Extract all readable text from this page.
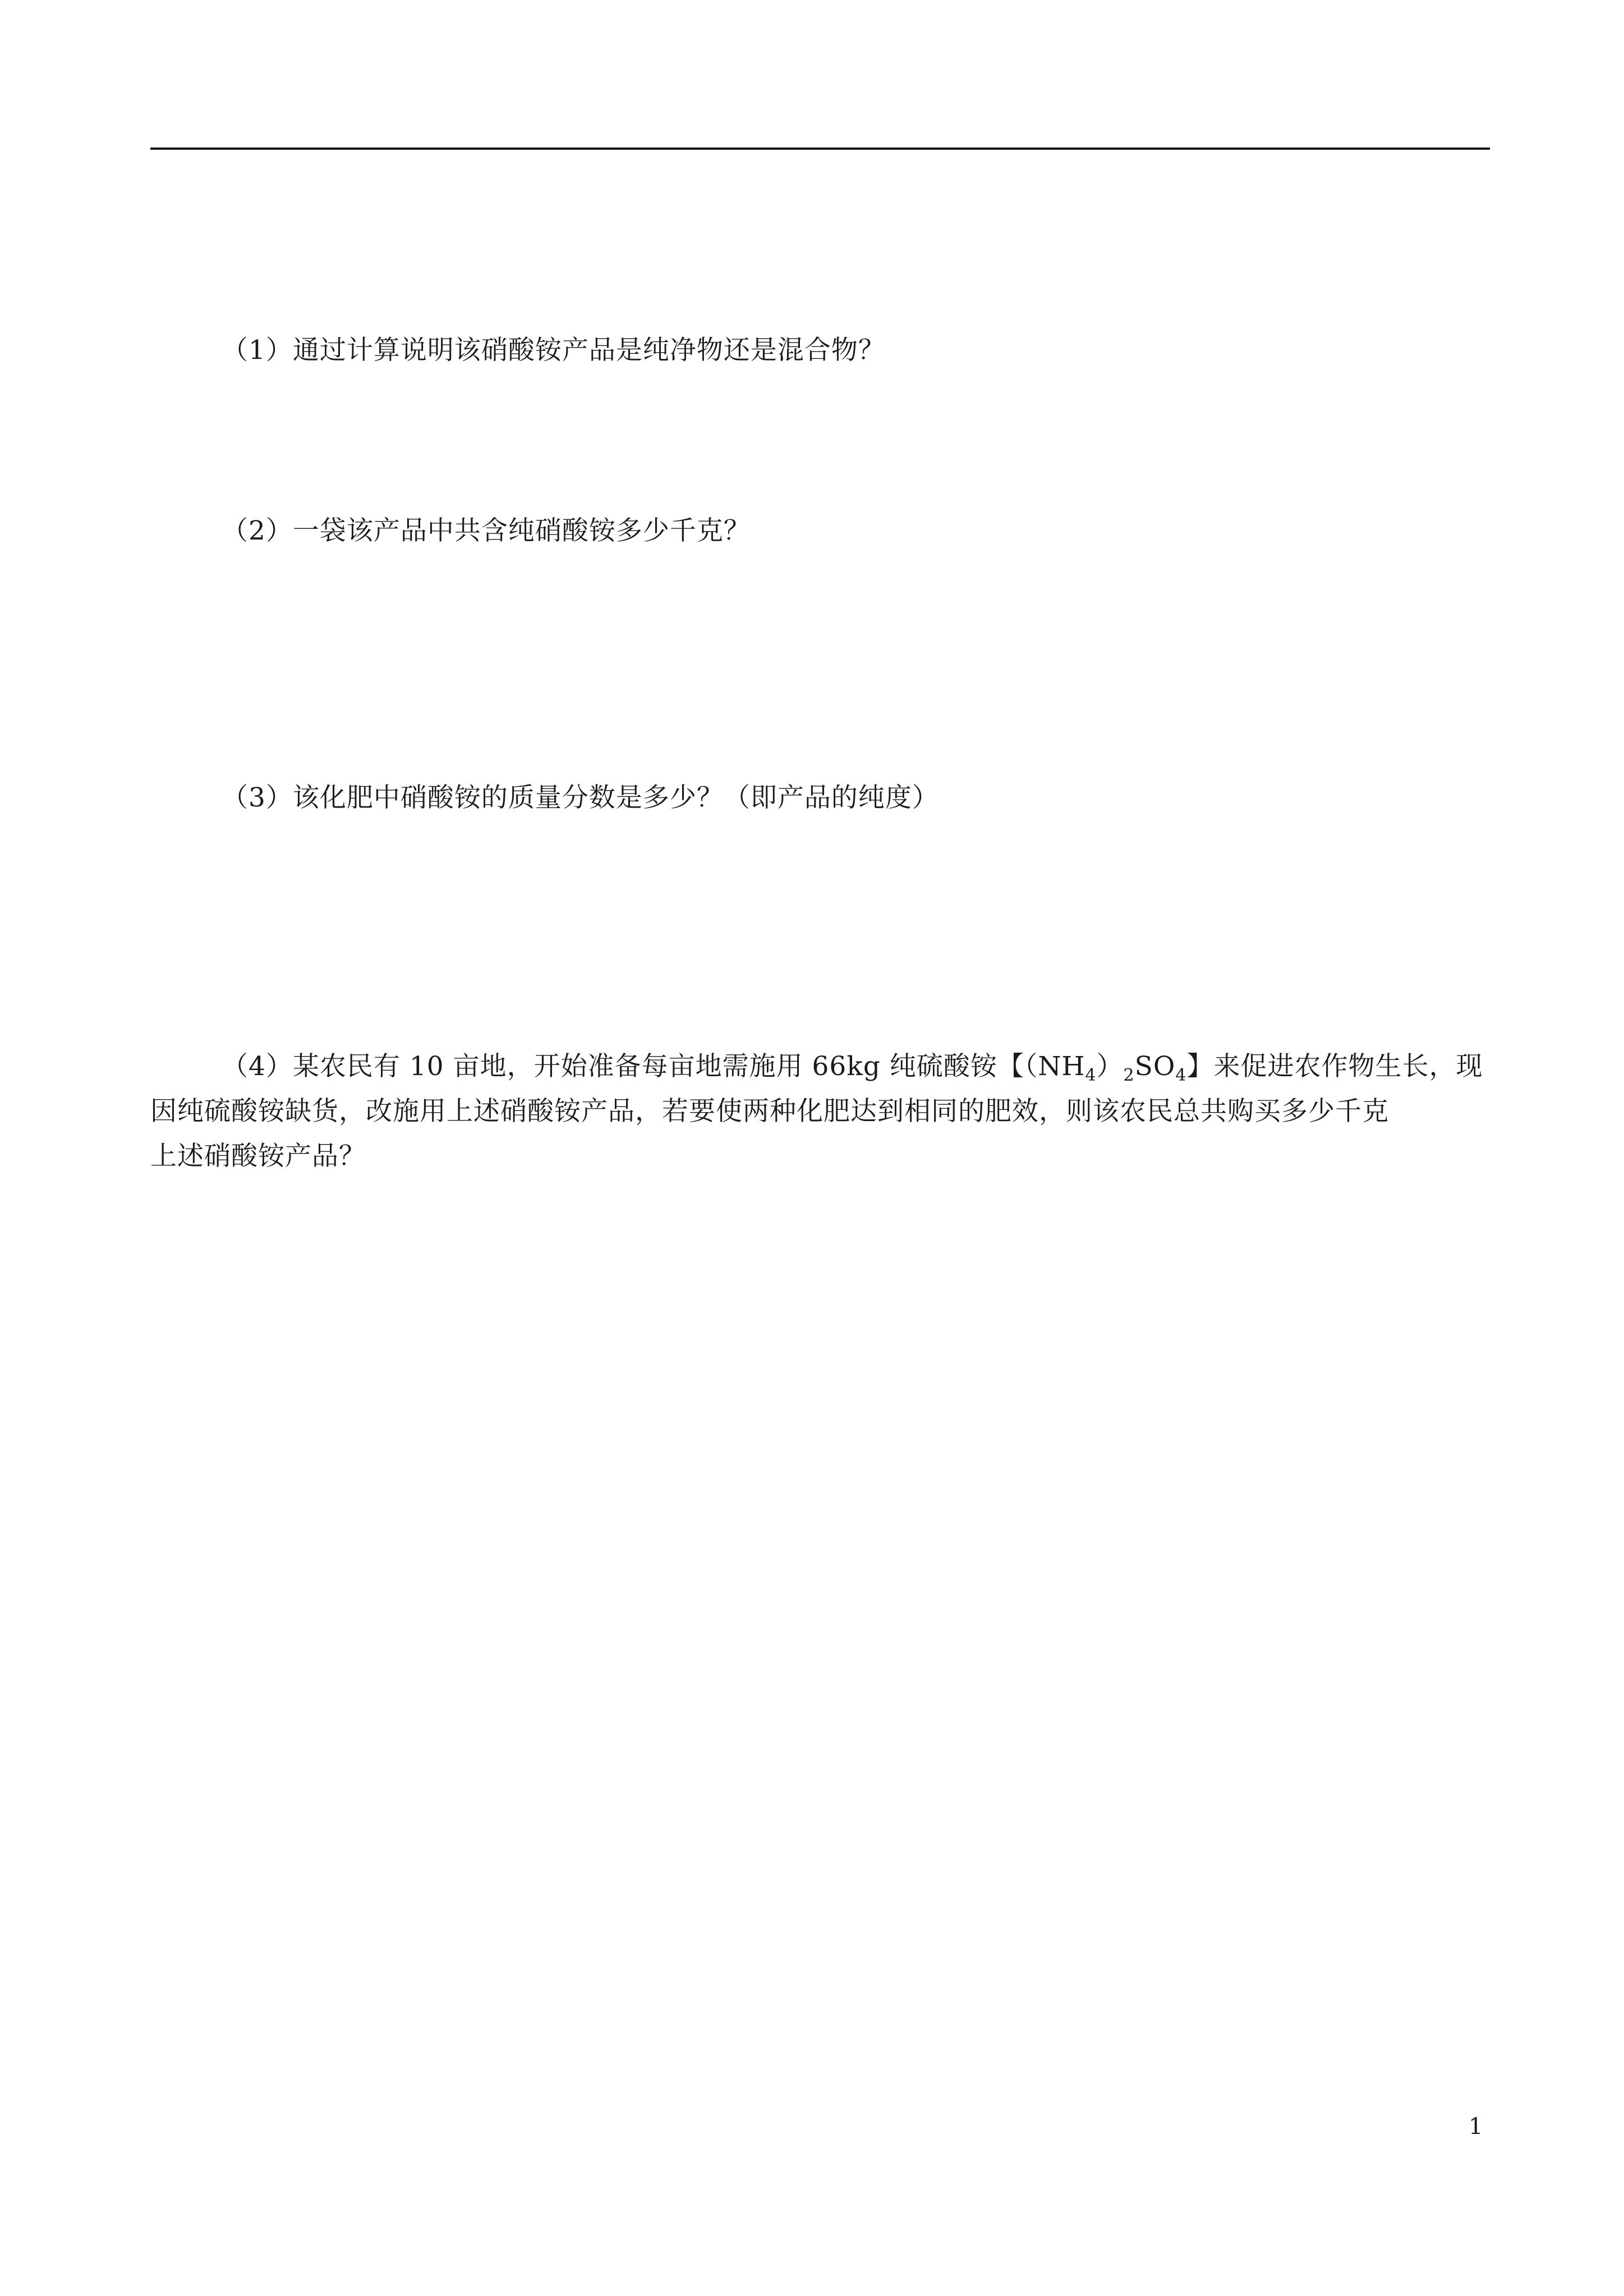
（1）通过计算说明该硝酸铵产品是纯净物还是混合物？

（2）一袋该产品中共含纯硝酸铵多少千克？

（3）该化肥中硝酸铵的质量分数是多少？（即产品的纯度）

（4）某农民有 10 亩地，开始准备每亩地需施用 66kg 纯硫酸铵【$(NH_4)_2SO_4$】来促进农作物生长，现
因纯硫酸铵缺货，改施用上述硝酸铵产品，若要使两种化肥达到相同的肥效，则该农民总共购买多少千克
上述硝酸铵产品？
1
